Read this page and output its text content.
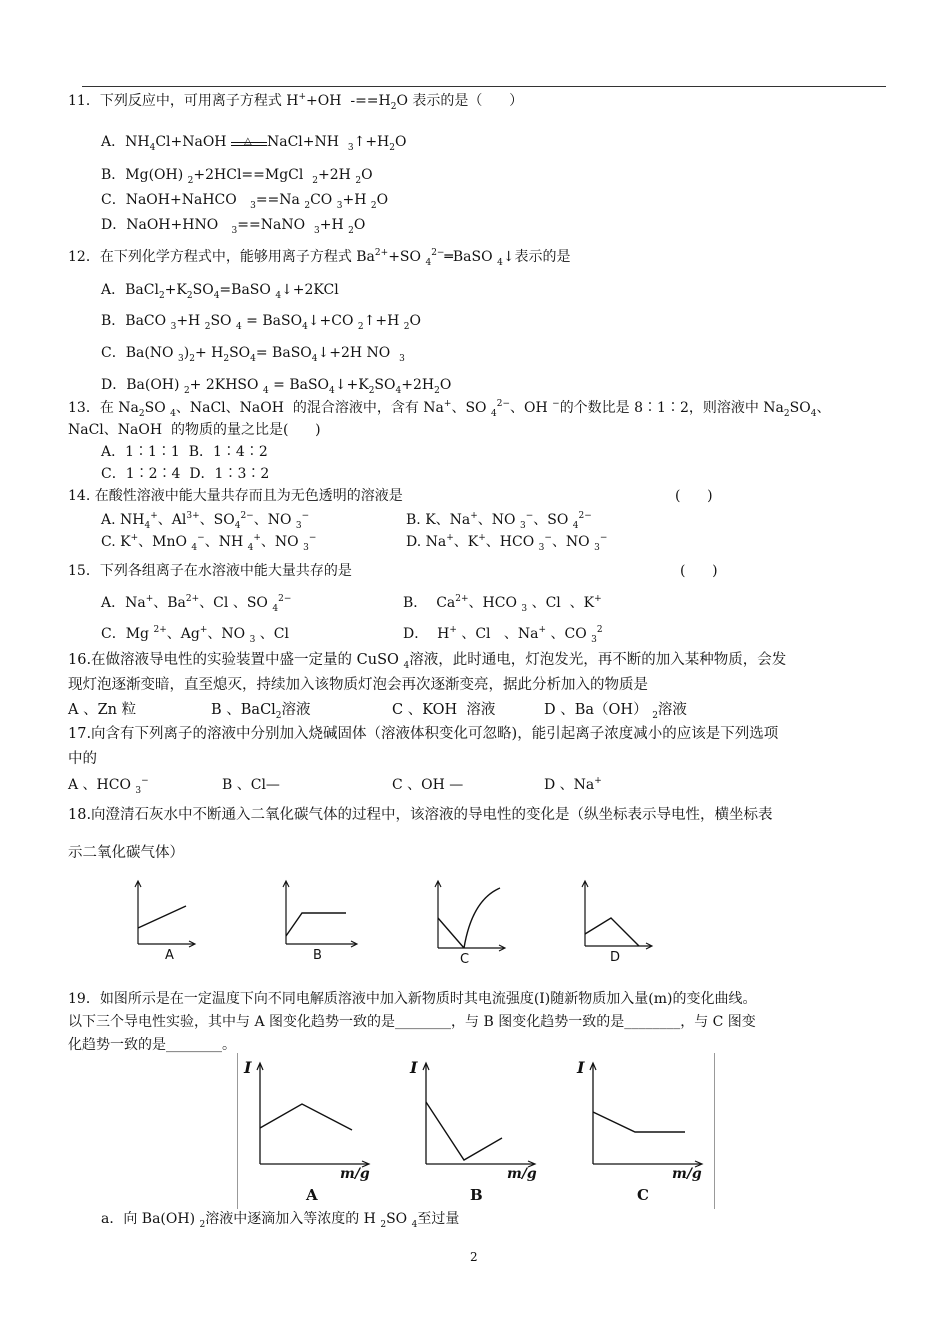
11．下列反应中，可用离子方程式 H++OH  $-==H_2O$ 表示的是（      ）
A．$NH_4Cl+NaOH$ △ NaCl+NH $_3↑+H_2O$
B．Mg(OH) $_2$+2HCl==MgCl $_2$+2H $_2$O
C．NaOH+NaHCO $_3$==Na $_2$CO $_3$+H $_2$O
D．NaOH+HNO $_3$==NaNO $_3$+H $_2$O
12．在下列化学方程式中，能够用离子方程式 $Ba^{2+}+SO$ $_4^{2-}$═BaSO $_4$↓表示的是
A．$BaCl_2+K_2SO_4=BaSO$ $_4$↓+2KCl
B．BaCO $_3$+H $_2$SO $_4$ = BaSO$_4$↓+CO $_2$↑+H $_2$O
C．Ba(NO $_3)_2+ H_2SO_4=$ BaSO$_4$↓+2H NO $_3$
D．Ba(OH) $_2$+ 2KHSO $_4 = BaSO_4↓+K_2SO_4+2H_2O$
13．在 $Na_2SO$ $_4$、NaCl、NaOH  的混合溶液中，含有 Na+、SO $_4^{2-}$、OH −的个数比是 8∶1∶2，则溶液中 $Na_2SO_4$、
NaCl、NaOH  的物质的量之比是(      )
A．1∶1∶1  B．1∶4∶2
C．1∶2∶4  D．1∶3∶2
14. 在酸性溶液中能大量共存而且为无色透明的溶液是	(      )
A. $NH_4^+$、$Al^{3+}$、$SO_4^{2-}$、NO $_3$−	B. K、Na+、NO $_3$−、SO $_4^{2-}$
C. K+、MnO $_4$−、NH $_4$+、NO $_3$−	D. Na+、K+、HCO $_3$−、NO $_3$−
15．下列各组离子在水溶液中能大量共存的是	(      )
A．Na+、$Ba^{2+}$、Cl 、SO $_4^{2-}$	B．  $Ca^{2+}$、HCO $_3$ 、Cl  、K+
C．Mg $^{2+}$、Ag+、NO $_3$ 、Cl	D．  H+ 、Cl   、Na+ 、CO $_3^2$
16.在做溶液导电性的实验装置中盛一定量的 CuSO $_4$溶液，此时通电，灯泡发光，再不断的加入某种物质，会发
现灯泡逐渐变暗，直至熄灭，持续加入该物质灯泡会再次逐渐变亮，据此分析加入的物质是
A 、Zn 粒	B 、BaCl$_2$溶液	C 、KOH  溶液	D 、Ba（OH） $_2$溶液
17.向含有下列离子的溶液中分别加入烧碱固体（溶液体积变化可忽略)，能引起离子浓度减小的应该是下列选项
中的
A 、HCO $_3$−	B 、Cl—	C 、OH —	D 、Na+
18.向澄清石灰水中不断通入二氧化碳气体的过程中，该溶液的导电性的变化是（纵坐标表示导电性，横坐标表
示二氧化碳气体）
A	B	C	D
19．如图所示是在一定温度下向不同电解质溶液中加入新物质时其电流强度(I)随新物质加入量(m)的变化曲线。
以下三个导电性实验，其中与 A 图变化趋势一致的是________，与 B 图变化趋势一致的是________，与 C 图变
化趋势一致的是________。
I
m/g
A
I
m/g
B
I
m/g
C
a．向 Ba(OH) $_2$溶液中逐滴加入等浓度的 H $_2$SO $_4$至过量
2
